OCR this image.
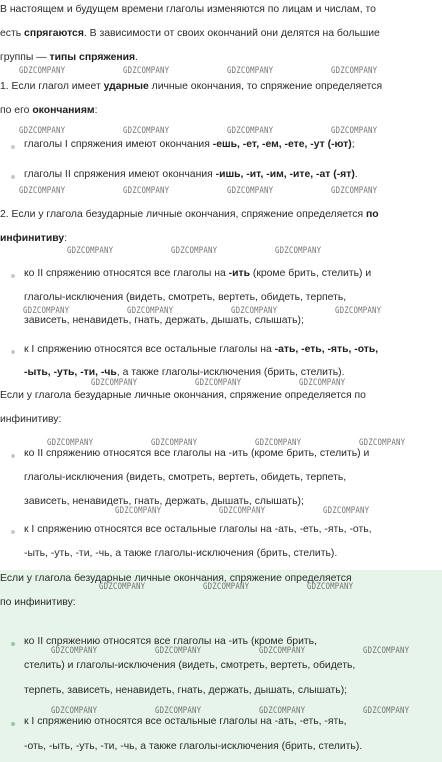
В настоящем и будущем времени глаголы изменяются по лицам и числам, то
есть спрягаются. В зависимости от своих окончаний они делятся на большие
группы — типы спряжения.
1. Если глагол имеет ударные личные окончания, то спряжение определяется
по его окончаниям:
глаголы I спряжения имеют окончания -ешь, -ет, -ем, -ете, -ут (-ют);
глаголы II спряжения имеют окончания -ишь, -ит, -им, -ите, -ат (-ят).
2. Если у глагола безударные личные окончания, спряжение определяется по
инфинитиву:
ко II спряжению относятся все глаголы на -ить (кроме брить, стелить) и
глаголы-исключения (видеть, смотреть, вертеть, обидеть, терпеть,
зависеть, ненавидеть, гнать, держать, дышать, слышать);
к I спряжению относятся все остальные глаголы на -ать, -еть, -ять, -оть,
-ыть, -уть, -ти, -чь, а также глаголы-исключения (брить, стелить).
Если у глагола безударные личные окончания, спряжение определяется по
инфинитиву:
ко II спряжению относятся все глаголы на -ить (кроме брить, стелить) и
глаголы-исключения (видеть, смотреть, вертеть, обидеть, терпеть,
зависеть, ненавидеть, гнать, держать, дышать, слышать);
к I спряжению относятся все остальные глаголы на -ать, -еть, -ять, -оть,
-ыть, -уть, -ти, -чь, а также глаголы-исключения (брить, стелить).
Если у глагола безударные личные окончания, спряжение определяется
по инфинитиву:
ко II спряжению относятся все глаголы на -ить (кроме брить,
стелить) и глаголы-исключения (видеть, смотреть, вертеть, обидеть,
терпеть, зависеть, ненавидеть, гнать, держать, дышать, слышать);
к I спряжению относятся все остальные глаголы на -ать, -еть, -ять,
-оть, -ыть, -уть, -ти, -чь, а также глаголы-исключения (брить, стелить).
GDZCOMPANY	GDZCOMPANY	GDZCOMPANY	GDZCOMPANY
GDZCOMPANY	GDZCOMPANY	GDZCOMPANY	GDZCOMPANY
GDZCOMPANY	GDZCOMPANY	GDZCOMPANY	GDZCOMPANY
GDZCOMPANY	GDZCOMPANY	GDZCOMPANY
GDZCOMPANY	GDZCOMPANY	GDZCOMPANY	GDZCOMPANY
GDZCOMPANY	GDZCOMPANY	GDZCOMPANY
GDZCOMPANY	GDZCOMPANY	GDZCOMPANY	GDZCOMPANY
GDZCOMPANY	GDZCOMPANY	GDZCOMPANY
GDZCOMPANY	GDZCOMPANY	GDZCOMPANY
GDZCOMPANY	GDZCOMPANY	GDZCOMPANY	GDZCOMPANY
GDZCOMPANY	GDZCOMPANY	GDZCOMPANY	GDZCOMPANY
